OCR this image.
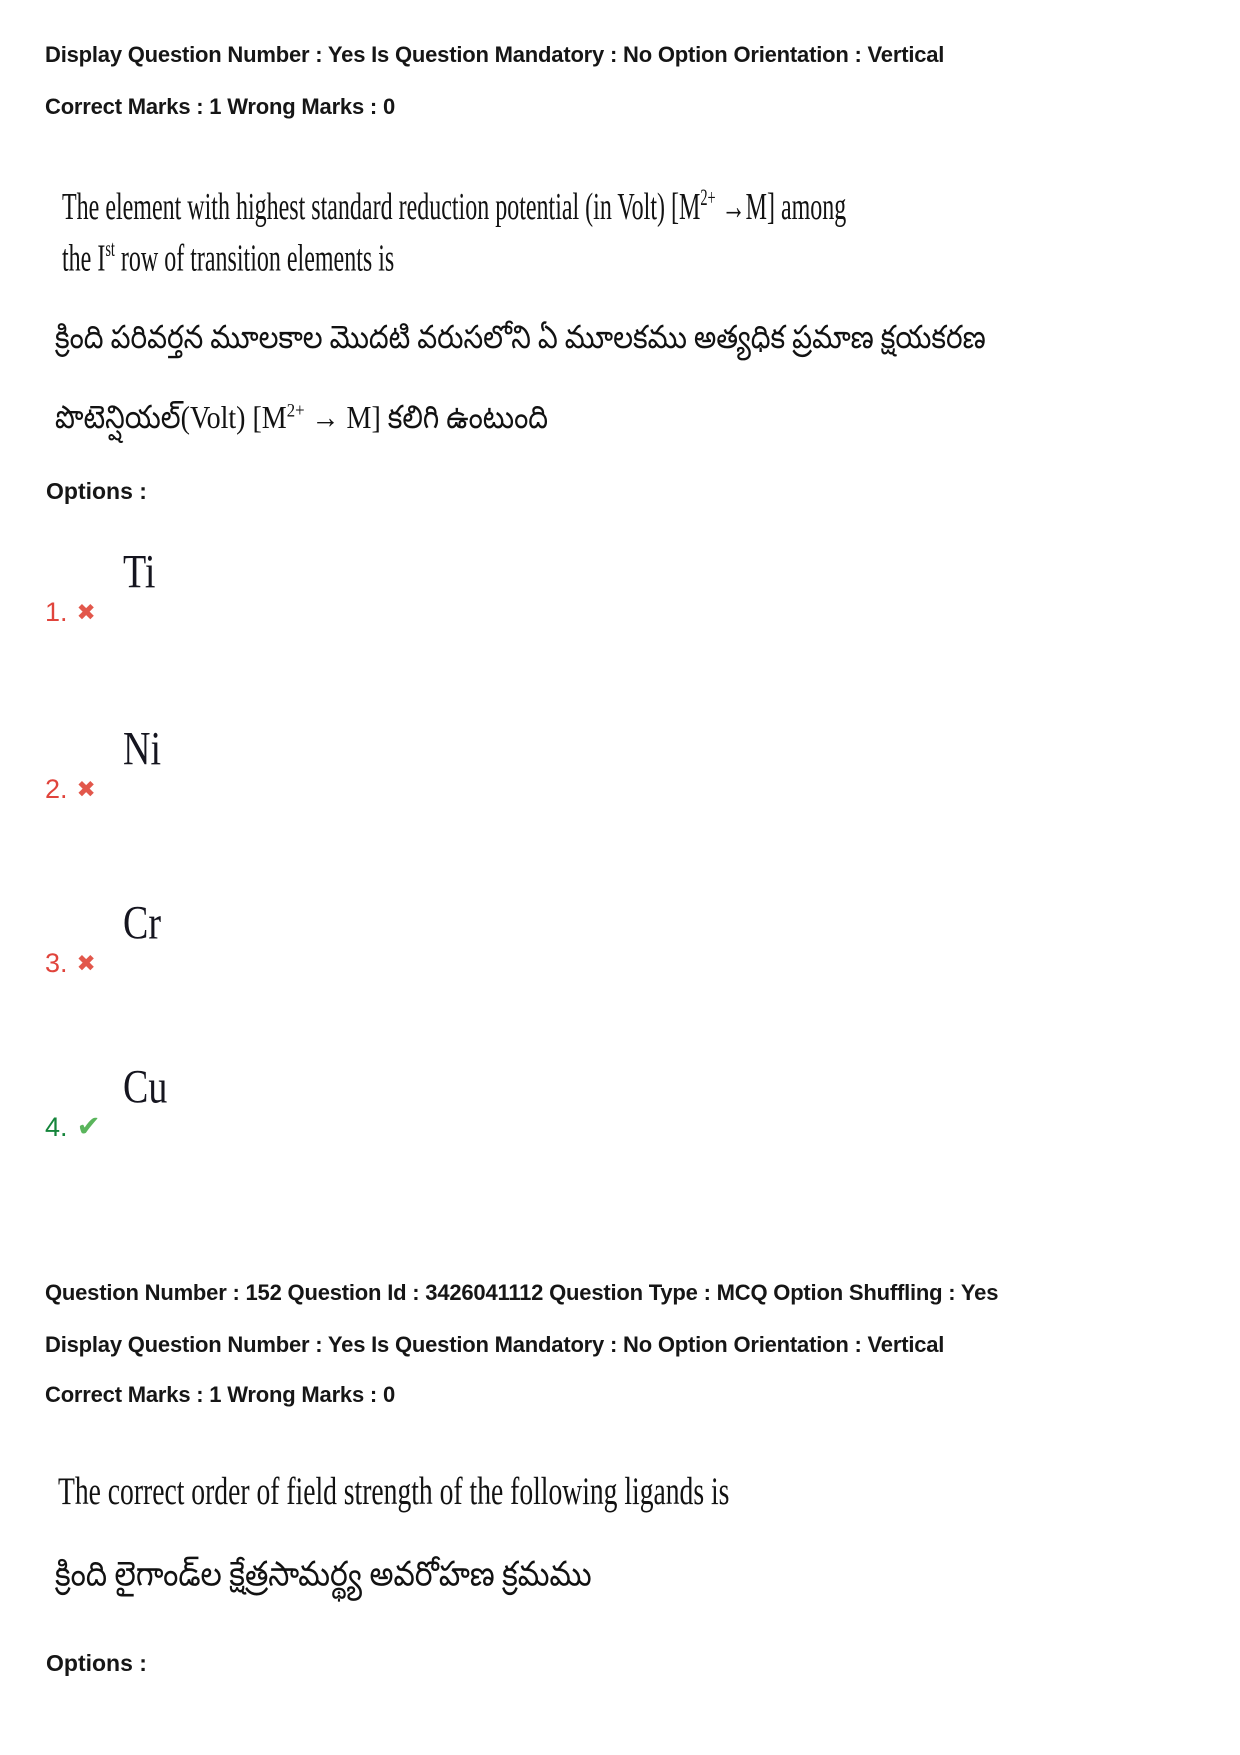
Display Question Number : Yes Is Question Mandatory : No Option Orientation : Vertical
Correct Marks : 1 Wrong Marks : 0
The element with highest standard reduction potential (in Volt) $[M^{2+} \to M]$ among
the Ist row of transition elements is
క్రింది పరివర్తన మూలకాల మొదటి వరుసలోని ఏ మూలకము అత్యధిక ప్రమాణ క్షయకరణ
పొటెన్షియల్(Volt) $[M^{2+} \to M]$ కలిగి ఉంటుంది
Options :
Ti
1. ✖
Ni
2. ✖
Cr
3. ✖
Cu
4. ✔
Question Number : 152 Question Id : 3426041112 Question Type : MCQ Option Shuffling : Yes
Display Question Number : Yes Is Question Mandatory : No Option Orientation : Vertical
Correct Marks : 1 Wrong Marks : 0
The correct order of field strength of the following ligands is
క్రింది లైగాండ్‌ల క్షేత్రసామర్థ్య అవరోహణ క్రమము
Options :
